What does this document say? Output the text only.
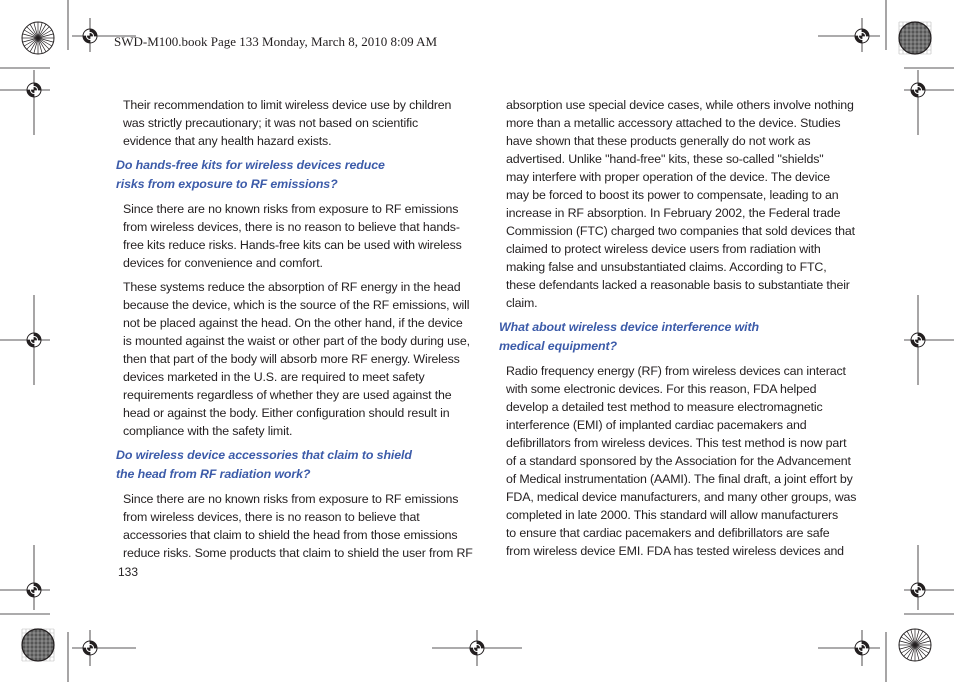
SWD-M100.book Page 133 Monday, March 8, 2010 8:09 AM

Their recommendation to limit wireless device use by children
was strictly precautionary; it was not based on scientific
evidence that any health hazard exists.

Do hands-free kits for wireless devices reduce
risks from exposure to RF emissions?

Since there are no known risks from exposure to RF emissions
from wireless devices, there is no reason to believe that hands-
free kits reduce risks. Hands-free kits can be used with wireless
devices for convenience and comfort.

These systems reduce the absorption of RF energy in the head
because the device, which is the source of the RF emissions, will
not be placed against the head. On the other hand, if the device
is mounted against the waist or other part of the body during use,
then that part of the body will absorb more RF energy. Wireless
devices marketed in the U.S. are required to meet safety
requirements regardless of whether they are used against the
head or against the body. Either configuration should result in
compliance with the safety limit.

Do wireless device accessories that claim to shield
the head from RF radiation work?

Since there are no known risks from exposure to RF emissions
from wireless devices, there is no reason to believe that
accessories that claim to shield the head from those emissions
reduce risks. Some products that claim to shield the user from RF

absorption use special device cases, while others involve nothing
more than a metallic accessory attached to the device. Studies
have shown that these products generally do not work as
advertised. Unlike "hand-free" kits, these so-called "shields"
may interfere with proper operation of the device. The device
may be forced to boost its power to compensate, leading to an
increase in RF absorption. In February 2002, the Federal trade
Commission (FTC) charged two companies that sold devices that
claimed to protect wireless device users from radiation with
making false and unsubstantiated claims. According to FTC,
these defendants lacked a reasonable basis to substantiate their
claim.

What about wireless device interference with
medical equipment?

Radio frequency energy (RF) from wireless devices can interact
with some electronic devices. For this reason, FDA helped
develop a detailed test method to measure electromagnetic
interference (EMI) of implanted cardiac pacemakers and
defibrillators from wireless devices. This test method is now part
of a standard sponsored by the Association for the Advancement
of Medical instrumentation (AAMI). The final draft, a joint effort by
FDA, medical device manufacturers, and many other groups, was
completed in late 2000. This standard will allow manufacturers
to ensure that cardiac pacemakers and defibrillators are safe
from wireless device EMI. FDA has tested wireless devices and

133
